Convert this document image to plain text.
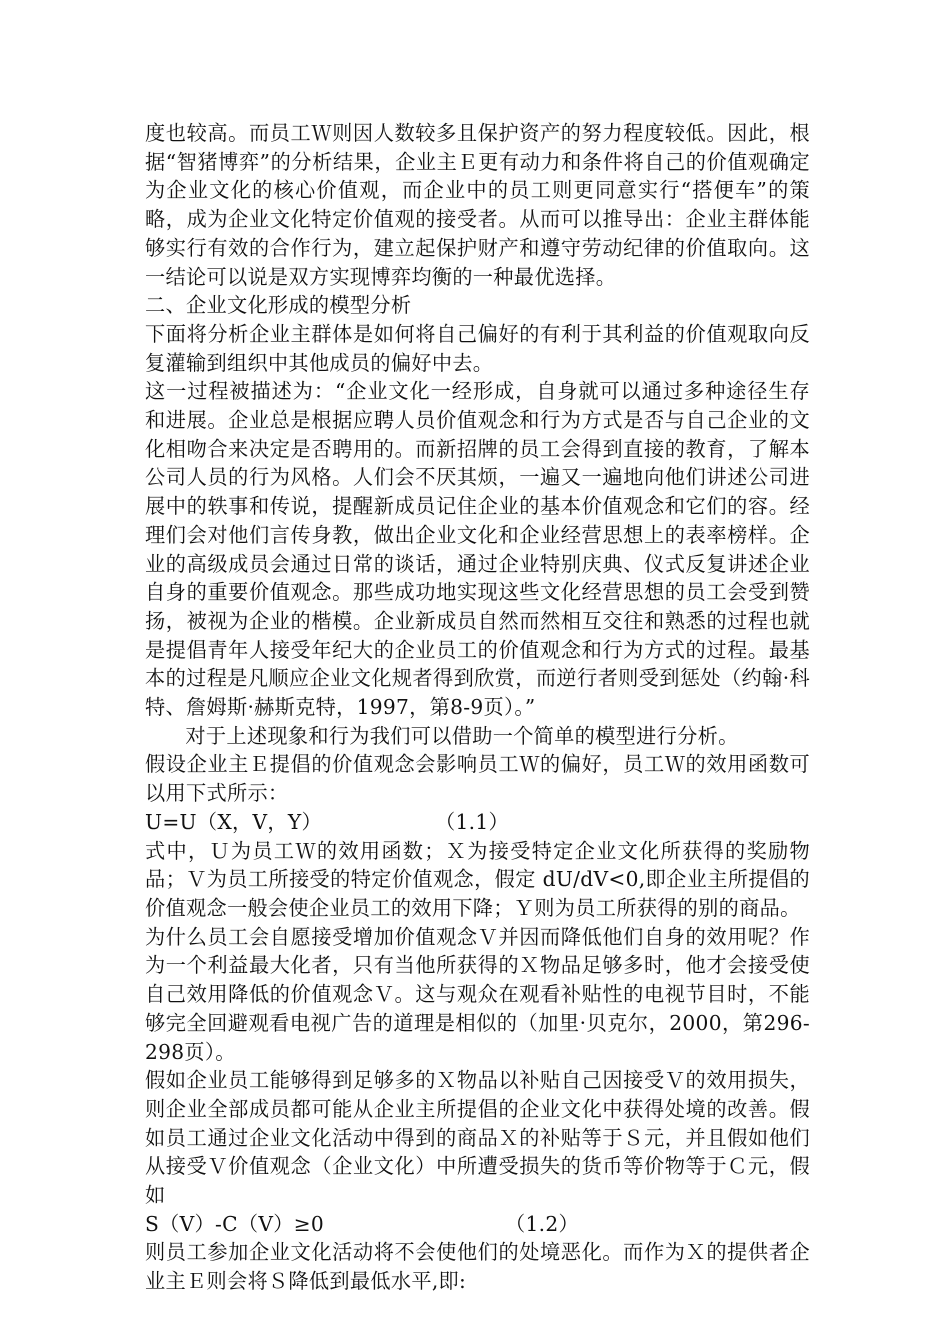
度也较高。而员工Ｗ则因人数较多且保护资产的努力程度较低。因此，根据“智猪博弈”的分析结果，企业主Ｅ更有动力和条件将自己的价值观确定为企业文化的核心价值观，而企业中的员工则更同意实行“搭便车”的策略，成为企业文化特定价值观的接受者。从而可以推导出：企业主群体能够实行有效的合作行为，建立起保护财产和遵守劳动纪律的价值取向。这一结论可以说是双方实现博弈均衡的一种最优选择。

二、企业文化形成的模型分析

下面将分析企业主群体是如何将自己偏好的有利于其利益的价值观取向反复灌输到组织中其他成员的偏好中去。

这一过程被描述为：“企业文化一经形成，自身就可以通过多种途径生存和进展。企业总是根据应聘人员价值观念和行为方式是否与自己企业的文化相吻合来决定是否聘用的。而新招牌的员工会得到直接的教育，了解本公司人员的行为风格。人们会不厌其烦，一遍又一遍地向他们讲述公司进展中的轶事和传说，提醒新成员记住企业的基本价值观念和它们的容。经理们会对他们言传身教，做出企业文化和企业经营思想上的表率榜样。企业的高级成员会通过日常的谈话，通过企业特别庆典、仪式反复讲述企业自身的重要价值观念。那些成功地实现这些文化经营思想的员工会受到赞扬，被视为企业的楷模。企业新成员自然而然相互交往和熟悉的过程也就是提倡青年人接受年纪大的企业员工的价值观念和行为方式的过程。最基本的过程是凡顺应企业文化规者得到欣赏，而逆行者则受到惩处（约翰·科特、詹姆斯·赫斯克特，1997，第8-9页）。”

对于上述现象和行为我们可以借助一个简单的模型进行分析。

假设企业主Ｅ提倡的价值观念会影响员工Ｗ的偏好，员工Ｗ的效用函数可以用下式所示：

U=U（X，V，Y）	（1.1）

式中，Ｕ为员工Ｗ的效用函数；Ｘ为接受特定企业文化所获得的奖励物品；Ｖ为员工所接受的特定价值观念，假定 dU/dV<0,即企业主所提倡的价值观念一般会使企业员工的效用下降；Ｙ则为员工所获得的别的商品。

为什么员工会自愿接受增加价值观念Ｖ并因而降低他们自身的效用呢？作为一个利益最大化者，只有当他所获得的Ｘ物品足够多时，他才会接受使自己效用降低的价值观念Ｖ。这与观众在观看补贴性的电视节目时，不能够完全回避观看电视广告的道理是相似的（加里·贝克尔，2000，第296-298页）。

假如企业员工能够得到足够多的Ｘ物品以补贴自己因接受Ｖ的效用损失，则企业全部成员都可能从企业主所提倡的企业文化中获得处境的改善。假如员工通过企业文化活动中得到的商品Ｘ的补贴等于Ｓ元，并且假如他们从接受Ｖ价值观念（企业文化）中所遭受损失的货币等价物等于Ｃ元，假如

S（V）-C（V）≥0	（1.2）

则员工参加企业文化活动将不会使他们的处境恶化。而作为Ｘ的提供者企业主Ｅ则会将Ｓ降低到最低水平,即:
